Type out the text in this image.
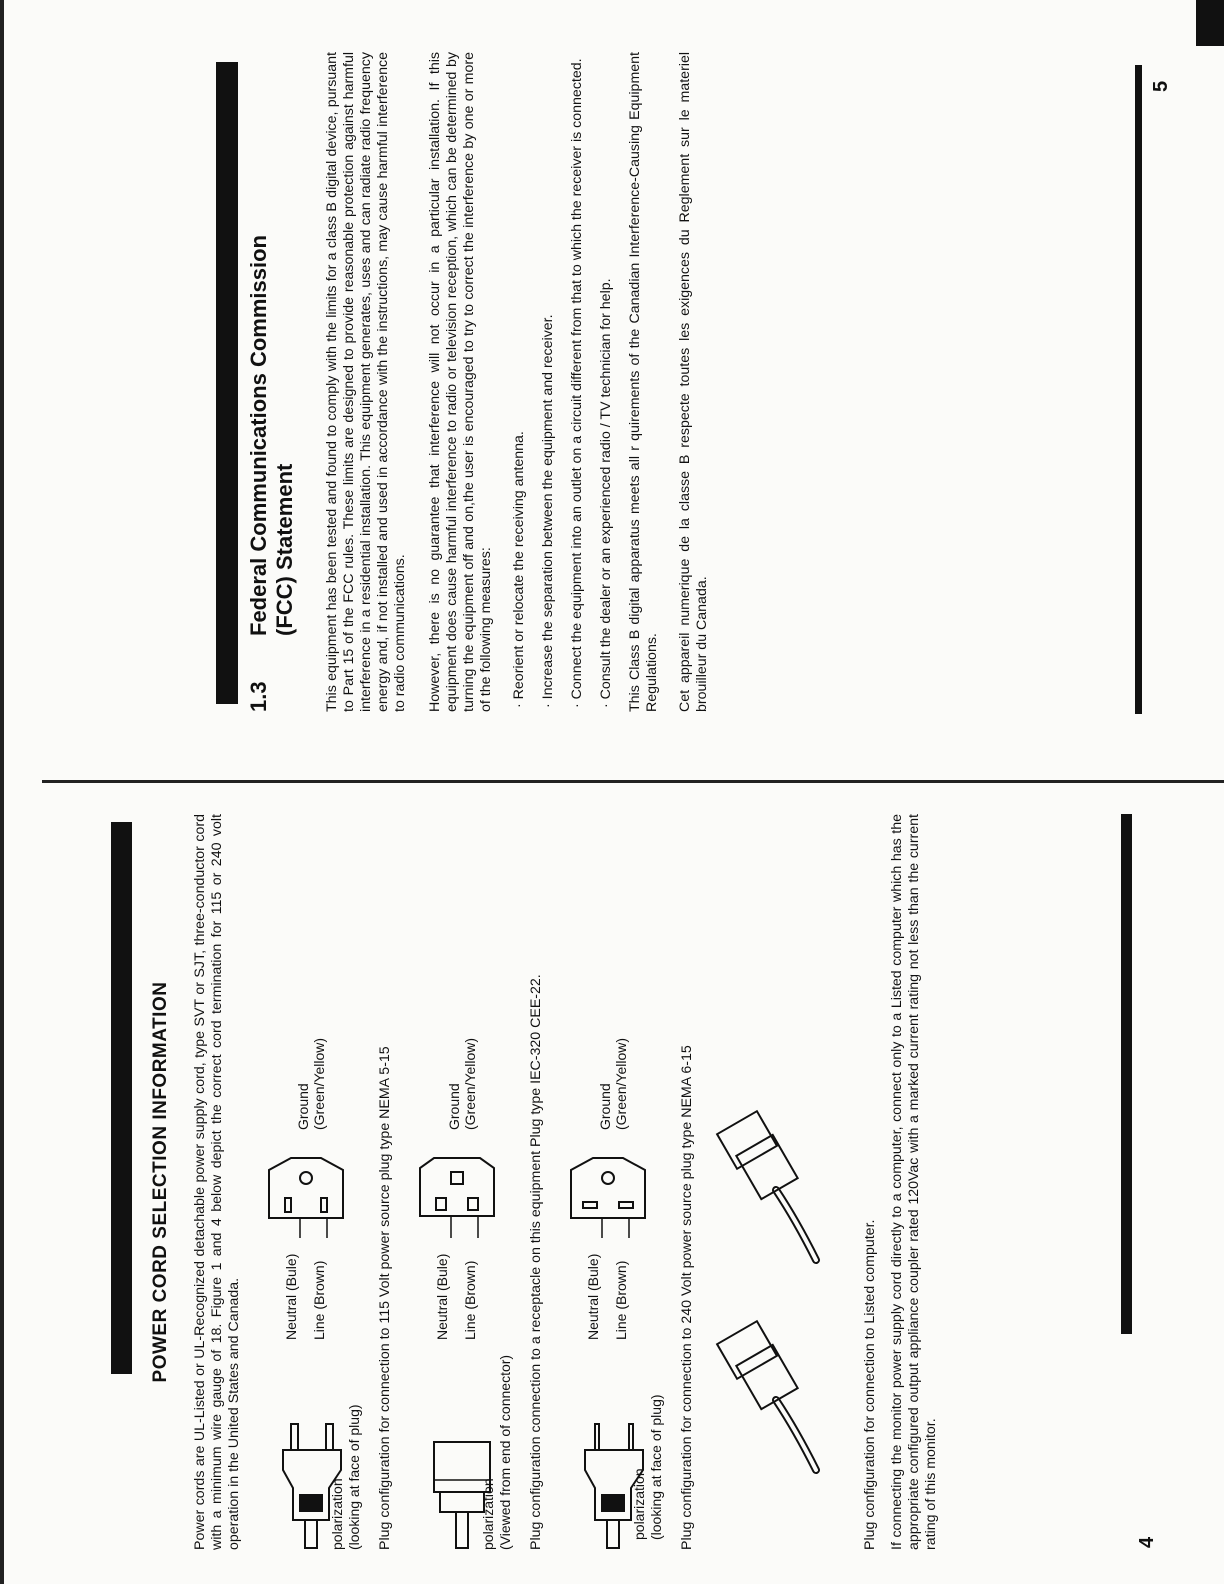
POWER CORD SELECTION INFORMATION Power cords are UL-Listed or UL-Recognized detachable power supply cord, type SVT or SJT, three-conductor cord with a minimum wire gauge of 18. Figure 1 and 4 below depict the correct cord termination for 115 or 240 volt operation in the United States and Canada.	polarization (looking at face of plug)
Neutral (Bule) Line (Brown)
Ground (Green/Yellow)	Plug configuration for connection to 115 Volt power source plug type NEMA 5-15	polarization (Viewed from end of connector)
Neutral (Bule) Line (Brown)
Ground (Green/Yellow)	Plug configuration connection to a receptacle on this equipment Plug type IEC-320 CEE-22.	polarization (looking at face of plug)
Neutral (Bule) Line (Brown)
Ground (Green/Yellow)	Plug configuration for connection to 240 Volt power source plug type NEMA 6-15	Plug configuration for connection to Listed computer. If connecting the monitor power supply cord directly to a computer, connect only to a Listed computer which has the appropriate configured output appliance coupler rated 120Vac with a marked current rating not less than the current rating of this monitor.

1.3Federal Communications Commission
(FCC) Statement This equipment has been tested and found to comply with the limits for a class B digital device, pursuant to Part 15 of the FCC rules. These limits are designed to provide reasonable protection against harmful interference in a residential installation. This equipment generates, uses and can radiate radio frequency energy and, if not installed and used in accordance with the instructions, may cause harmful interference to radio communications. However, there is no guarantee that interference will not occur in a particular installation. If this equipment does cause harmful interference to radio or television reception, which can be determined by turning the equipment off and on,the user is encouraged to try to correct the interference by one or more of the following measures: · Reorient or relocate the receiving antenna.

· Increase the separation between the equipment and receiver.

· Connect the equipment into an outlet on a circuit different from that to which the receiver is connected.

· Consult the dealer or an experienced radio / TV technician for help. This Class B digital apparatus meets all r quirements of the Canadian Interference-Causing Equipment Regulations. Cet appareil numerique de la classe B respecte toutes les exigences du Reglement sur le materiel brouilleur du Canada.

4
5
